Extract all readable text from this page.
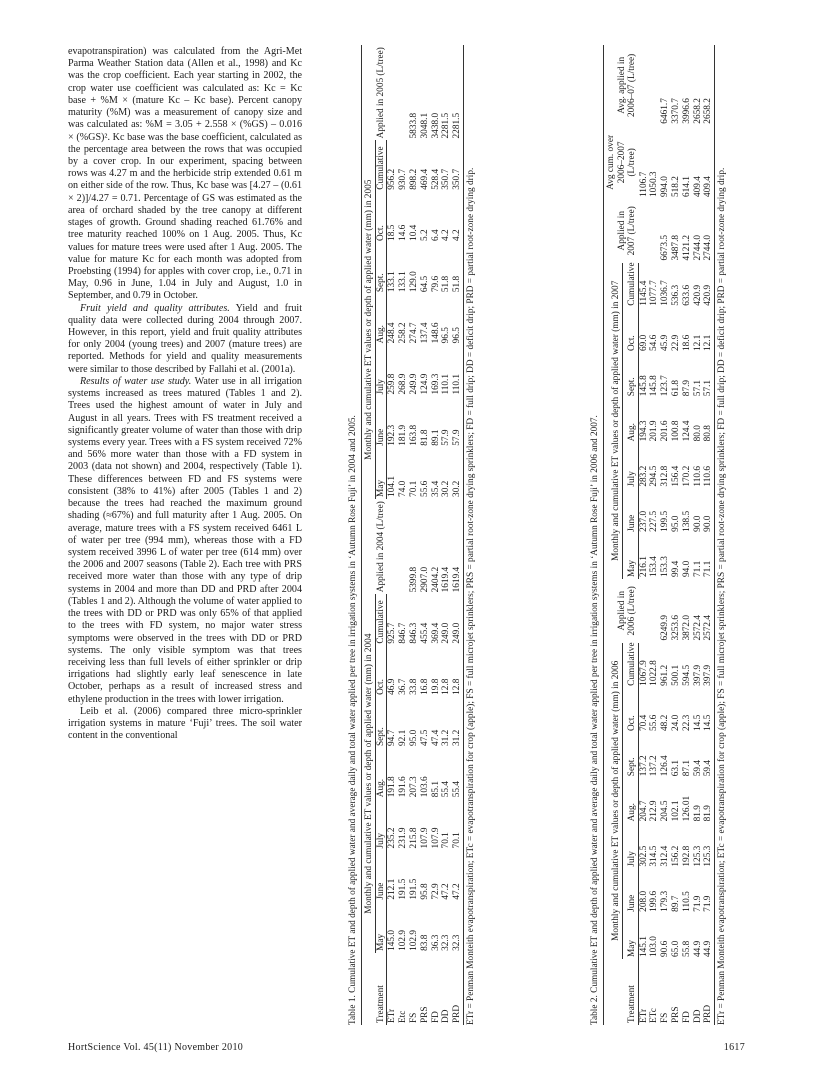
evapotranspiration) was calculated from the Agri-Met Parma Weather Station data (Allen et al., 1998) and Kc was the crop coefficient. Each year starting in 2002, the crop water use coefficient was calculated as: Kc = Kc base + %M × (mature Kc – Kc base). Percent canopy maturity (%M) was a measurement of canopy size and was calculated as: %M = 3.05 + 2.558 × (%GS) – 0.016 × (%GS)². Kc base was the base coefficient, calculated as the percentage area between the rows that was occupied by a cover crop. In our experiment, spacing between rows was 4.27 m and the herbicide strip extended 0.61 m on either side of the row. Thus, Kc base was [4.27 – (0.61 × 2)]/4.27 = 0.71. Percentage of GS was estimated as the area of orchard shaded by the tree canopy at different stages of growth. Ground shading reached 61.76% and tree maturity reached 100% on 1 Aug. 2005. Thus, Kc values for mature trees were used after 1 Aug. 2005. The value for mature Kc for each month was adopted from Proebsting (1994) for apples with cover crop, i.e., 0.71 in May, 0.96 in June, 1.04 in July and August, 1.0 in September, and 0.79 in October.

Fruit yield and quality attributes. Yield and fruit quality data were collected during 2004 through 2007. However, in this report, yield and fruit quality attributes for only 2004 (young trees) and 2007 (mature trees) are reported. Methods for yield and quality measurements were similar to those described by Fallahi et al. (2001a).

Results of water use study. Water use in all irrigation systems increased as trees matured (Tables 1 and 2). Trees used the highest amount of water in July and August in all years. Trees with FS treatment received a significantly greater volume of water than those with drip systems every year. Trees with a FS system received 72% and 56% more water than those with a FD system in 2003 (data not shown) and 2004, respectively (Table 1). These differences between FD and FS systems were consistent (38% to 41%) after 2005 (Tables 1 and 2) because the trees had reached the maximum ground shading (≈67%) and full maturity after 1 Aug. 2005. On average, mature trees with a FS system received 6461 L of water per tree (994 mm), whereas those with a FD system received 3996 L of water per tree (614 mm) over the 2006 and 2007 seasons (Table 2). Each tree with PRS received more water than those with any type of drip systems in 2004 and more than DD and PRD after 2004 (Tables 1 and 2). Although the volume of water applied to the trees with DD or PRD was only 65% of that applied to the trees with FD system, no major water stress symptoms were observed in the trees with DD or PRD systems. The only visible symptom was that trees receiving less than full levels of either sprinkler or drip irrigations had slightly early leaf senescence in late October, perhaps as a result of increased stress and ethylene production in the trees with lower irrigation.

Leib et al. (2006) compared three micro-sprinkler irrigation systems in mature ‘Fuji’ trees. The soil water content in the conventional	Table 1. Cumulative ET and depth of applied water and average daily and total water applied per tree in irrigation systems in ‘Autumn Rose Fuji’ in 2004 and 2005.
	Monthly and cumulative ET values or depth of applied water (mm) in 2004							Applied in 2004 (L/tree)	Monthly and cumulative ET values or depth of applied water (mm) in 2005							Applied in 2005 (L/tree)
Treatment	May	June	July	Aug.	Sept.	Oct.	Cumulative		May	June	July	Aug.	Sept.	Oct.	Cumulative	
ETr	145.0	212.1	235.2	191.8	94.7	46.9	925.7		104.1	192.3	259.8	248.4	133.1	18.5	956.2	
Etc	102.9	191.5	231.9	191.6	92.1	36.7	846.7		74.0	181.9	268.9	258.2	133.1	14.6	930.7	
FS	102.9	191.5	215.8	207.3	95.0	33.8	846.3	5399.8	70.1	163.8	249.9	274.7	129.0	10.4	898.2	5833.8
PRS	83.8	95.8	107.9	103.6	47.5	16.8	455.4	2907.0	55.6	81.8	124.9	137.4	64.5	5.2	469.4	3048.1
FD	36.3	72.9	107.9	85.1	47.4	19.8	369.4	2404.2	35.4	89.1	169.3	148.6	79.6	6.4	528.4	3438.0
DD	32.3	47.2	70.1	55.4	31.2	12.8	249.0	1619.4	30.2	57.9	110.1	96.5	51.8	4.2	350.7	2281.5
PRD	32.3	47.2	70.1	55.4	31.2	12.8	249.0	1619.4	30.2	57.9	110.1	96.5	51.8	4.2	350.7	2281.5
ETr = Penman Monteith evapotranspiration; ETc = evapotranspiration for crop (apple); FS = full microjet sprinklers; PRS = partial root-zone drying sprinklers; FD = full drip; DD = deficit drip; PRD = partial root-zone drying drip.	Table 2. Cumulative ET and depth of applied water and average daily and total water applied per tree in irrigation systems in ‘Autumn Rose Fuji’ in 2006 and 2007.
	Monthly and cumulative ET values or depth of applied water (mm) in 2006							Applied in 2006 (L/tree)	Monthly and cumulative ET values or depth of applied water (mm) in 2007							Applied in 2007 (L/tree)	Avg cum. over 2006–2007 (L/tree)	Avg. applied in 2006–07 (L/tree)
Treatment	May	June	July	Aug.	Sept.	Oct.	Cumulative		May	June	July	Aug.	Sept.	Oct.	Cumulative			
ETr	145.1	208.0	302.5	204.7	137.2	70.4	1067.9		216.1	237.0	283.2	194.3	145.8	69.0	1145.4		1106.7	
ETc	103.0	199.6	314.5	212.9	137.2	55.6	1022.8		153.4	227.5	294.5	201.9	145.8	54.6	1077.7		1050.3	
FS	90.6	179.3	312.4	204.5	126.4	48.2	961.2	6249.9	153.3	199.5	312.8	201.6	123.7	45.9	1036.7	6673.5	994.0	6461.7
PRS	65.0	89.7	156.2	102.1	63.1	24.0	500.1	3253.6	99.4	95.0	156.4	100.8	61.8	22.9	536.3	3487.8	518.2	3370.7
FD	55.8	110.5	192.8	126.01	87.1	22.3	594.5	3872.0	94.0	138.5	170.2	124.4	87.9	18.6	633.6	4121.2	614.1	3996.6
DD	44.9	71.9	125.3	81.9	59.4	14.5	397.9	2572.4	71.1	90.0	110.6	80.0	57.1	12.1	420.9	2744.0	409.4	2658.2
PRD	44.9	71.9	125.3	81.9	59.4	14.5	397.9	2572.4	71.1	90.0	110.6	80.8	57.1	12.1	420.9	2744.0	409.4	2658.2
ETr = Penman Monteith evapotranspiration; ETc = evapotranspiration for crop (apple); FS = full microjet sprinklers; PRS = partial root-zone drying sprinklers; FD = full drip; DD = deficit drip; PRD = partial root-zone drying drip.
HortScience Vol. 45(11) November 2010	1617
